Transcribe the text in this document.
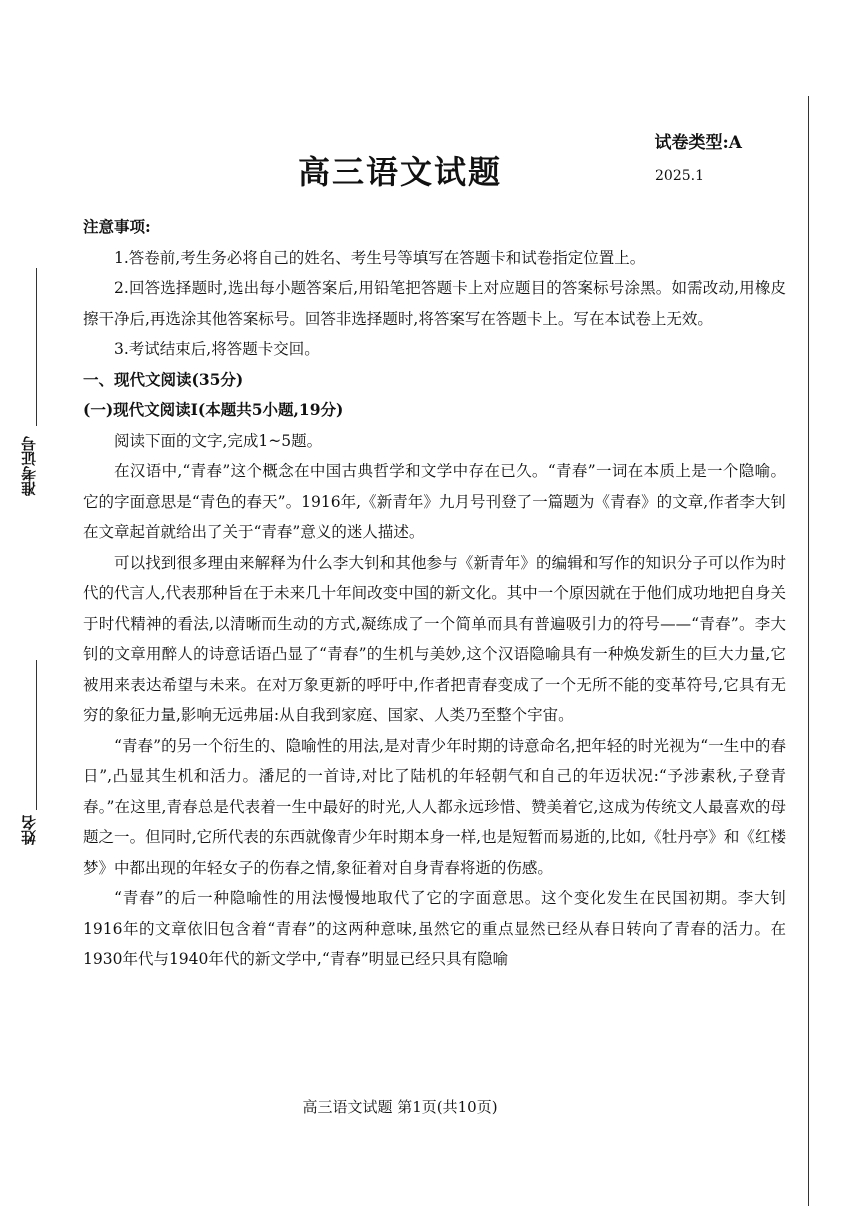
试卷类型:A
高三语文试题	2025.1
准考证号
姓名

注意事项:

1.答卷前,考生务必将自己的姓名、考生号等填写在答题卡和试卷指定位置上。

2.回答选择题时,选出每小题答案后,用铅笔把答题卡上对应题目的答案标号涂黑。如需改动,用橡皮擦干净后,再选涂其他答案标号。回答非选择题时,将答案写在答题卡上。写在本试卷上无效。

3.考试结束后,将答题卡交回。

一、现代文阅读(35分)

(一)现代文阅读Ⅰ(本题共5小题,19分)

阅读下面的文字,完成1~5题。

在汉语中,“青春”这个概念在中国古典哲学和文学中存在已久。“青春”一词在本质上是一个隐喻。它的字面意思是“青色的春天”。1916年,《新青年》九月号刊登了一篇题为《青春》的文章,作者李大钊在文章起首就给出了关于“青春”意义的迷人描述。

可以找到很多理由来解释为什么李大钊和其他参与《新青年》的编辑和写作的知识分子可以作为时代的代言人,代表那种旨在于未来几十年间改变中国的新文化。其中一个原因就在于他们成功地把自身关于时代精神的看法,以清晰而生动的方式,凝练成了一个简单而具有普遍吸引力的符号——“青春”。李大钊的文章用醉人的诗意话语凸显了“青春”的生机与美妙,这个汉语隐喻具有一种焕发新生的巨大力量,它被用来表达希望与未来。在对万象更新的呼吁中,作者把青春变成了一个无所不能的变革符号,它具有无穷的象征力量,影响无远弗届:从自我到家庭、国家、人类乃至整个宇宙。

“青春”的另一个衍生的、隐喻性的用法,是对青少年时期的诗意命名,把年轻的时光视为“一生中的春日”,凸显其生机和活力。潘尼的一首诗,对比了陆机的年轻朝气和自己的年迈状况:“予涉素秋,子登青春。”在这里,青春总是代表着一生中最好的时光,人人都永远珍惜、赞美着它,这成为传统文人最喜欢的母题之一。但同时,它所代表的东西就像青少年时期本身一样,也是短暂而易逝的,比如,《牡丹亭》和《红楼梦》中都出现的年轻女子的伤春之情,象征着对自身青春将逝的伤感。

“青春”的后一种隐喻性的用法慢慢地取代了它的字面意思。这个变化发生在民国初期。李大钊1916年的文章依旧包含着“青春”的这两种意味,虽然它的重点显然已经从春日转向了青春的活力。在1930年代与1940年代的新文学中,“青春”明显已经只具有隐喻

高三语文试题 第1页(共10页)
